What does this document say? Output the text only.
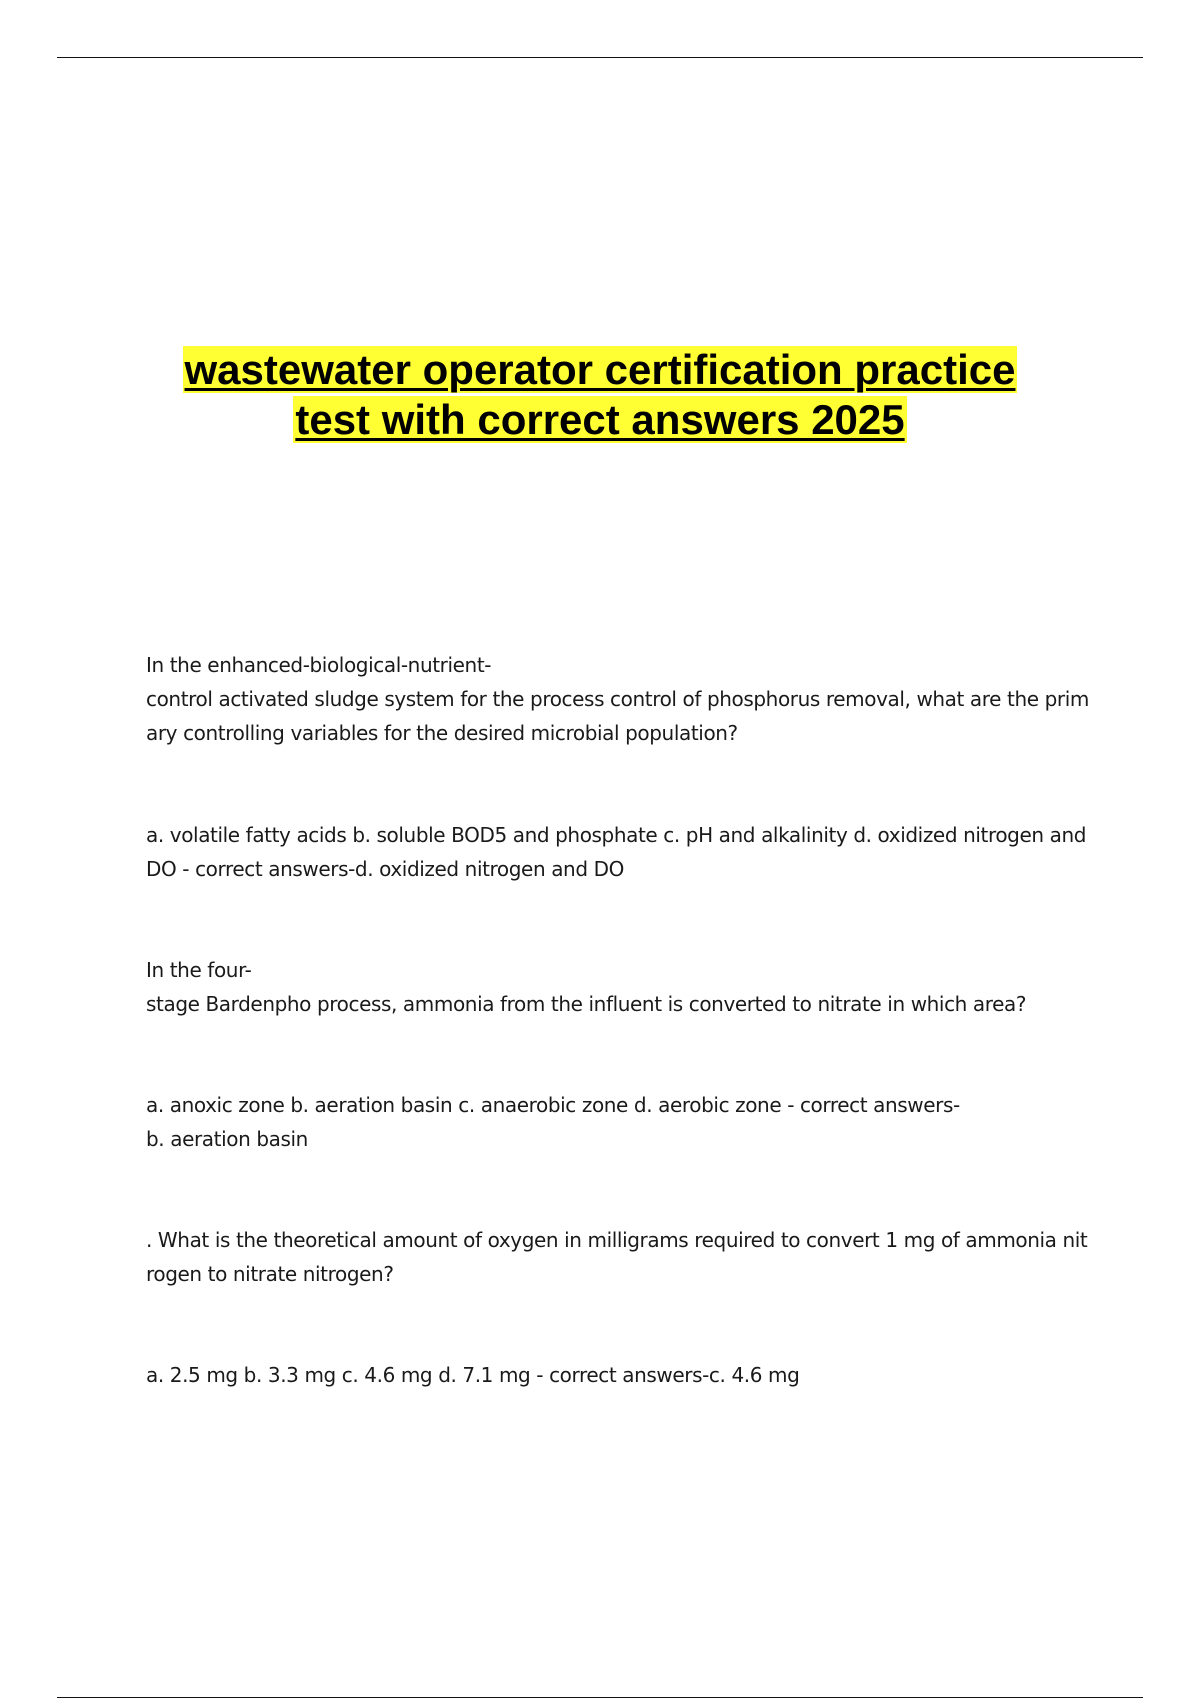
wastewater operator certification practice
test with correct answers 2025
In the enhanced-biological-nutrient-
control activated sludge system for the process control of phosphorus removal, what are the prim
ary controlling variables for the desired microbial population?
a. volatile fatty acids b. soluble BOD5 and phosphate c. pH and alkalinity d. oxidized nitrogen and
DO - correct answers-d. oxidized nitrogen and DO
In the four-
stage Bardenpho process, ammonia from the influent is converted to nitrate in which area?
a. anoxic zone b. aeration basin c. anaerobic zone d. aerobic zone - correct answers-
b. aeration basin
. What is the theoretical amount of oxygen in milligrams required to convert 1 mg of ammonia nit
rogen to nitrate nitrogen?
a. 2.5 mg b. 3.3 mg c. 4.6 mg d. 7.1 mg - correct answers-c. 4.6 mg
